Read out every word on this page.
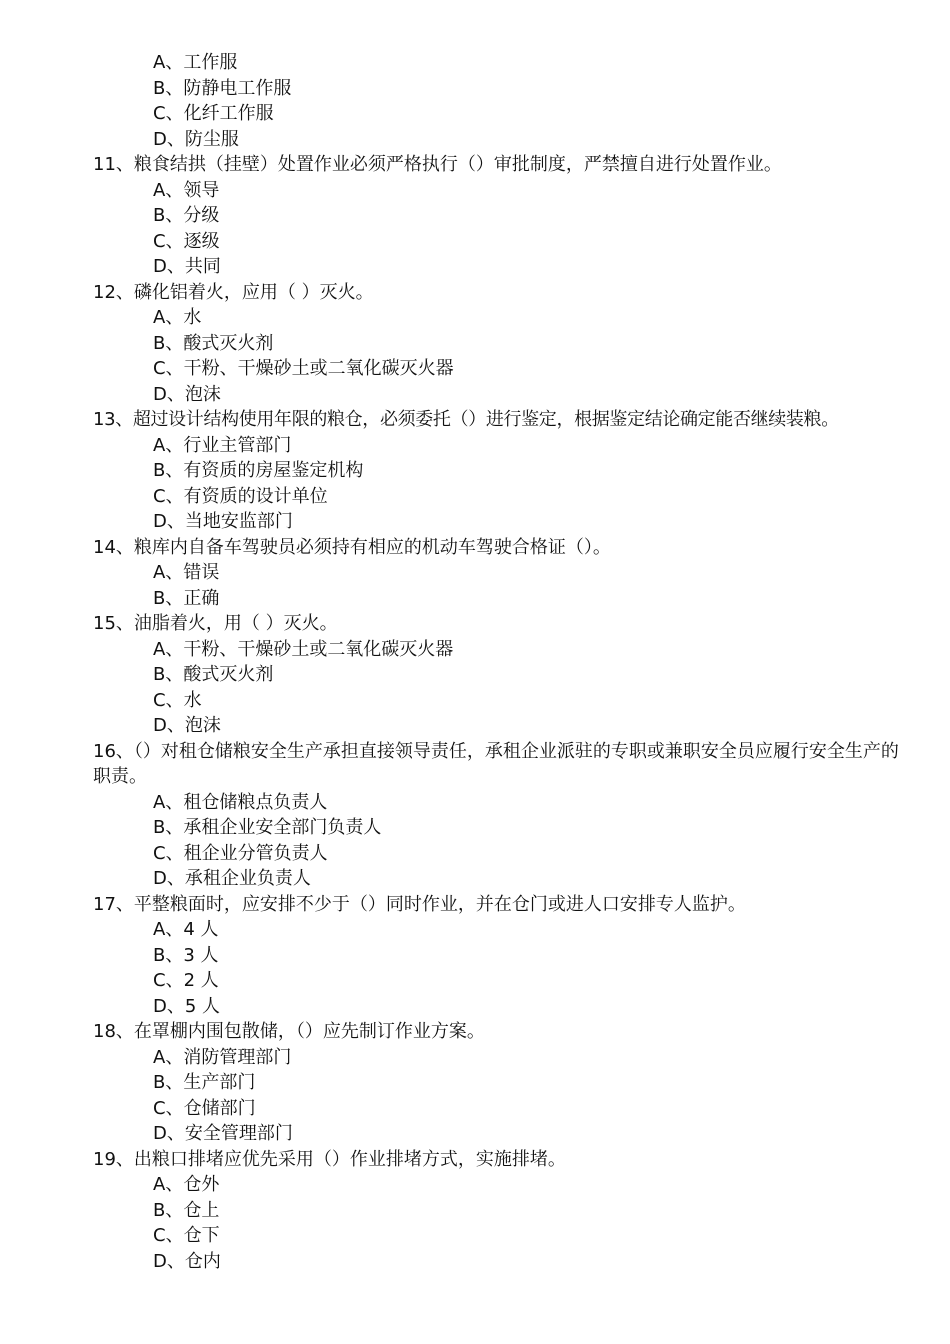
A、工作服
B、防静电工作服
C、化纤工作服
D、防尘服
11、粮食结拱（挂壁）处置作业必须严格执行（）审批制度，严禁擅自进行处置作业。
A、领导
B、分级
C、逐级
D、共同
12、磷化铝着火，应用（ ）灭火。
A、水
B、酸式灭火剂
C、干粉、干燥砂土或二氧化碳灭火器
D、泡沫
13、超过设计结构使用年限的粮仓，必须委托（）进行鉴定，根据鉴定结论确定能否继续装粮。
A、行业主管部门
B、有资质的房屋鉴定机构
C、有资质的设计单位
D、当地安监部门
14、粮库内自备车驾驶员必须持有相应的机动车驾驶合格证（）。
A、错误
B、正确
15、油脂着火，用（ ）灭火。
A、干粉、干燥砂土或二氧化碳灭火器
B、酸式灭火剂
C、水
D、泡沫
16、（）对租仓储粮安全生产承担直接领导责任，承租企业派驻的专职或兼职安全员应履行安全生产的职责。
A、租仓储粮点负责人
B、承租企业安全部门负责人
C、租企业分管负责人
D、承租企业负责人
17、平整粮面时，应安排不少于（）同时作业，并在仓门或进人口安排专人监护。
A、4 人
B、3 人
C、2 人
D、5 人
18、在罩棚内围包散储，（）应先制订作业方案。
A、消防管理部门
B、生产部门
C、仓储部门
D、安全管理部门
19、出粮口排堵应优先采用（）作业排堵方式，实施排堵。
A、仓外
B、仓上
C、仓下
D、仓内
